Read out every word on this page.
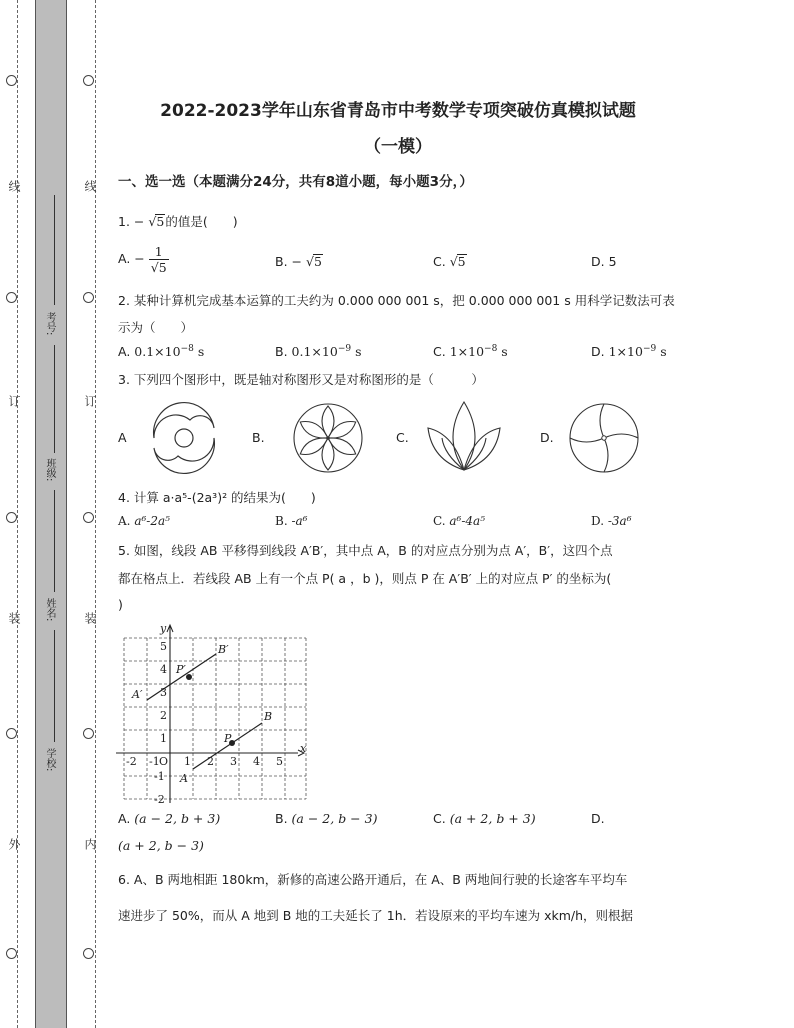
线
订
装
外
线
订
装
内
考号:
班级:
姓名:
学校:
2022-2023学年山东省青岛市中考数学专项突破仿真模拟试题
（一模）
一、选一选（本题满分24分，共有8道小题，每小题3分，）
1. − √5的值是(　　)
A. − $\frac{1}{√5}$	B. − √5	C. √5	D. 5
2. 某种计算机完成基本运算的工夫约为 0.000 000 001 s，把 0.000 000 001 s 用科学记数法可表
示为（　　）
A. $0.1\times 10^{-8}$ s	B. $0.1\times 10^{-9}$ s	C. $1\times 10^{-8}$ s	D. $1\times 10^{-9}$ s
3. 下列四个图形中，既是轴对称图形又是对称图形的是（　　　）
A	B.	C.	D.
4. 计算 a·a⁵-(2a³)² 的结果为(　　)
A. a⁶-2a⁵	B. -a⁶	C. a⁶-4a⁵	D. -3a⁶
5. 如图，线段 AB 平移得到线段 A′B′，其中点 A，B 的对应点分别为点 A′，B′，这四个点
都在格点上．若线段 AB 上有一个点 P( a ，b )，则点 P 在 A′B′ 上的对应点 P′ 的坐标为(
)
-2 -1 O 1 2 3 4 5
5
4
3
2
1
-1
-2
x
y
A
B
A′
B′
P
P′
A. (a − 2, b + 3)	B. (a − 2, b − 3)	C. (a + 2, b + 3)	D.
(a + 2, b − 3)
6. A、B 两地相距 180km，新修的高速公路开通后，在 A、B 两地间行驶的长途客车平均车
速进步了 50%，而从 A 地到 B 地的工夫延长了 1h．若设原来的平均车速为 xkm/h，则根据
